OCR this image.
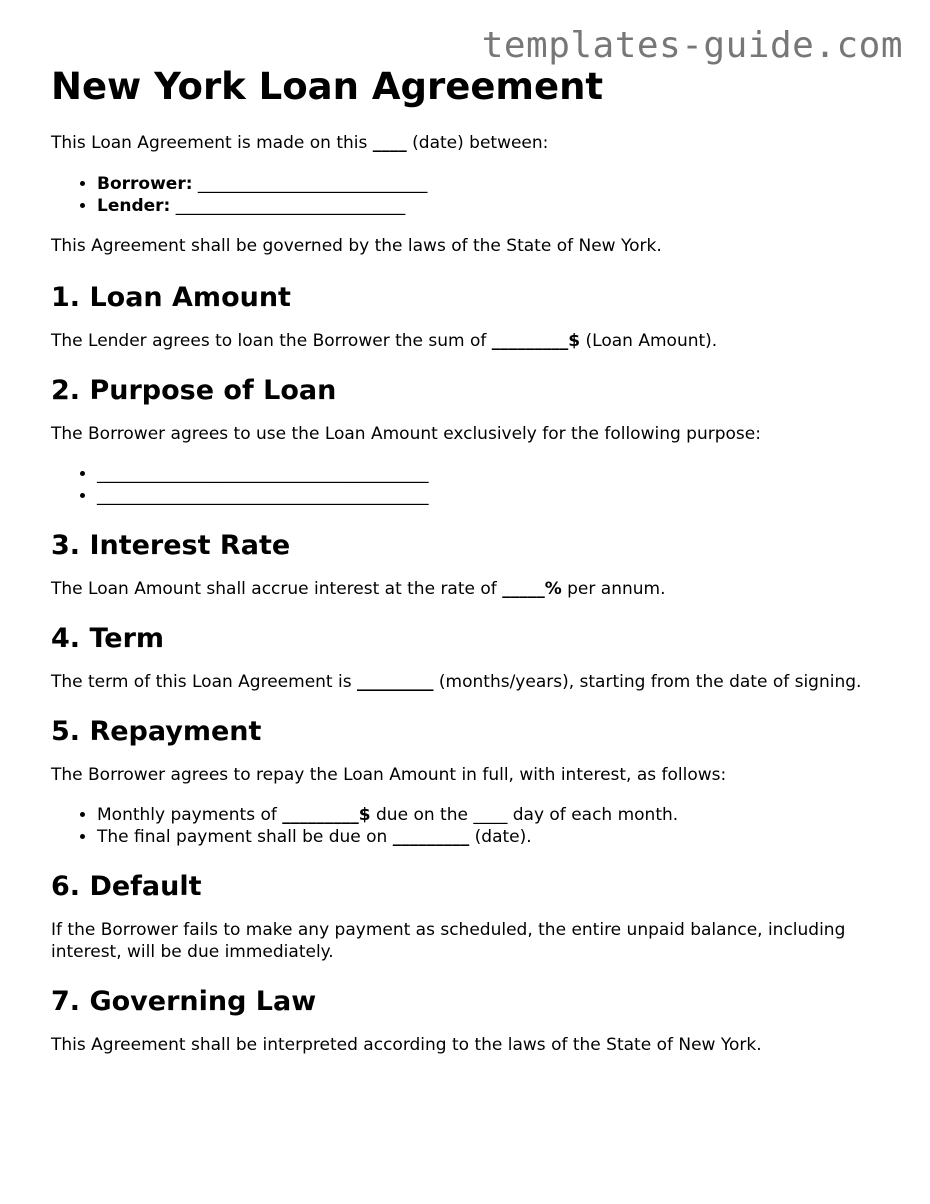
templates-guide.com
New York Loan Agreement

This Loan Agreement is made on this ____ (date) between:

• Borrower: ___________________________
• Lender: ___________________________

This Agreement shall be governed by the laws of the State of New York.

1. Loan Amount

The Lender agrees to loan the Borrower the sum of _________$ (Loan Amount).

2. Purpose of Loan

The Borrower agrees to use the Loan Amount exclusively for the following purpose:

• _______________________________________
• _______________________________________
3. Interest Rate

The Loan Amount shall accrue interest at the rate of _____% per annum.

4. Term

The term of this Loan Agreement is _________ (months/years), starting from the date of signing.

5. Repayment

The Borrower agrees to repay the Loan Amount in full, with interest, as follows:

• Monthly payments of _________$ due on the ____ day of each month.
• The final payment shall be due on _________ (date).
6. Default

If the Borrower fails to make any payment as scheduled, the entire unpaid balance, including interest, will be due immediately.

7. Governing Law

This Agreement shall be interpreted according to the laws of the State of New York.
